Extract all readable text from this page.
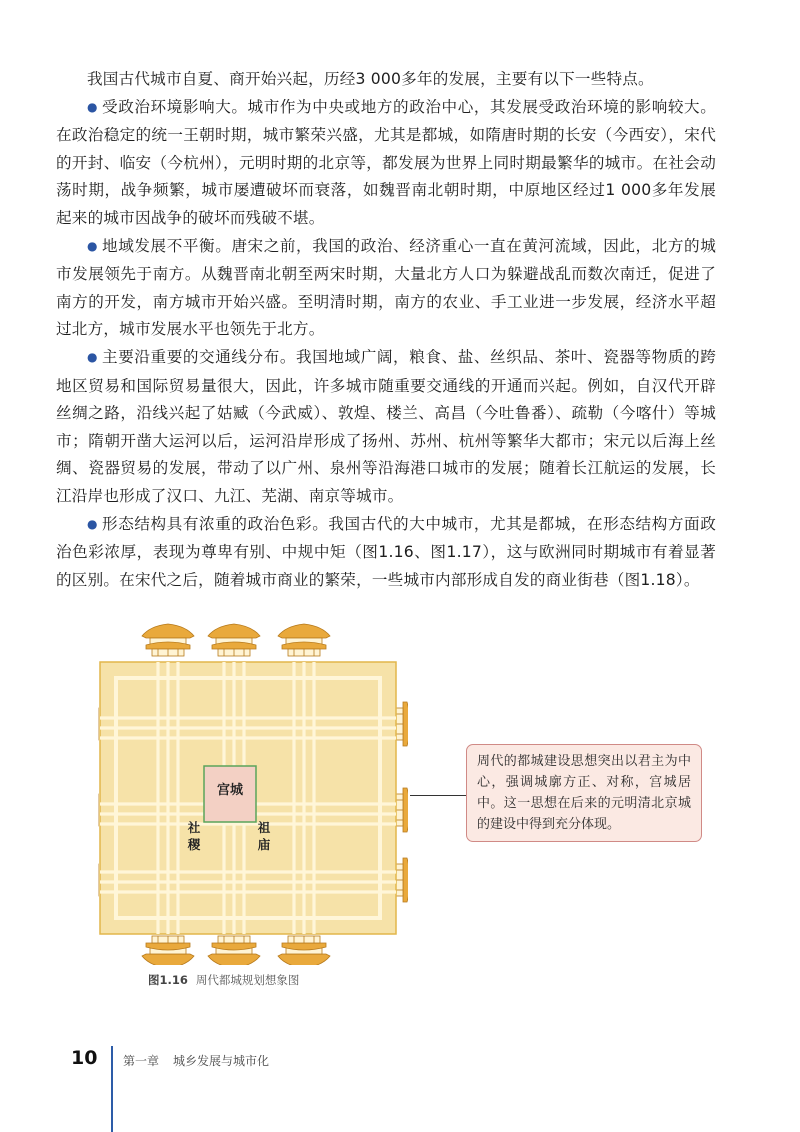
我国古代城市自夏、商开始兴起，历经3 000多年的发展，主要有以下一些特点。

● 受政治环境影响大。城市作为中央或地方的政治中心，其发展受政治环境的影响较大。在政治稳定的统一王朝时期，城市繁荣兴盛，尤其是都城，如隋唐时期的长安（今西安），宋代的开封、临安（今杭州），元明时期的北京等，都发展为世界上同时期最繁华的城市。在社会动荡时期，战争频繁，城市屡遭破坏而衰落，如魏晋南北朝时期，中原地区经过1 000多年发展起来的城市因战争的破坏而残破不堪。

● 地域发展不平衡。唐宋之前，我国的政治、经济重心一直在黄河流域，因此，北方的城市发展领先于南方。从魏晋南北朝至两宋时期，大量北方人口为躲避战乱而数次南迁，促进了南方的开发，南方城市开始兴盛。至明清时期，南方的农业、手工业进一步发展，经济水平超过北方，城市发展水平也领先于北方。

● 主要沿重要的交通线分布。我国地域广阔，粮食、盐、丝织品、茶叶、瓷器等物质的跨地区贸易和国际贸易量很大，因此，许多城市随重要交通线的开通而兴起。例如，自汉代开辟丝绸之路，沿线兴起了姑臧（今武威）、敦煌、楼兰、高昌（今吐鲁番）、疏勒（今喀什）等城市；隋朝开凿大运河以后，运河沿岸形成了扬州、苏州、杭州等繁华大都市；宋元以后海上丝绸、瓷器贸易的发展，带动了以广州、泉州等沿海港口城市的发展；随着长江航运的发展，长江沿岸也形成了汉口、九江、芜湖、南京等城市。

● 形态结构具有浓重的政治色彩。我国古代的大中城市，尤其是都城，在形态结构方面政治色彩浓厚，表现为尊卑有别、中规中矩（图1.16、图1.17），这与欧洲同时期城市有着显著的区别。在宋代之后，随着城市商业的繁荣，一些城市内部形成自发的商业街巷（图1.18）。

宫城
社
稷
祖
庙
周代的都城建设思想突出以君主为中心，强调城廓方正、对称，宫城居中。这一思想在后来的元明清北京城的建设中得到充分体现。
图1.16 周代都城规划想象图
10 第一章 城乡发展与城市化
